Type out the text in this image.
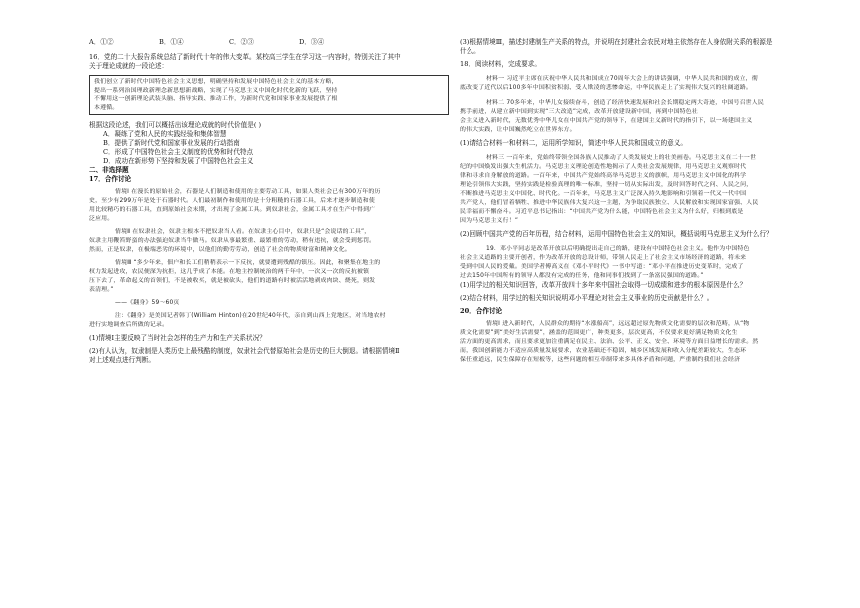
A．①②	B．①④	C．②③	D．③④
16．党的二十大报告系统总结了新时代十年的伟大变革。某校高三学生在学习这一内容时，特别关注了其中
关于理论成就的一段论述：
我们创立了新时代中国特色社会主义思想，明确坚持和发展中国特色社会主义的基本方略，
提出一系列治国理政新理念新思想新战略，实现了马克思主义中国化时代化新的飞跃，坚持
不懈用这一创新理论武装头脑、指导实践、推动工作，为新时代党和国家事业发展提供了根
本遵循。
根据这段论述，我们可以概括出该理论成就的时代价值是( )
A．凝练了党和人民的实践经验和集体智慧
B．提供了新时代党和国家事业发展的行动指南
C．形成了中国特色社会主义制度的优势和时代特点
D．成功在新形势下坚持和发展了中国特色社会主义
二、非选择题
17．合作讨论
情境Ⅰ 在漫长的原始社会，石器是人们制造和使用的主要劳动工具，如果人类社会已有300万年的历
史，至少有299万年是处于石器时代。人们最初制作和使用的是十分粗糙的石器工具，后来才逐步制造和使
用比较精巧的石器工具，直到原始社会末期，才出现了金属工具。到奴隶社会，金属工具才在生产中得到广
泛应用。
情境Ⅱ 在奴隶社会，奴隶主根本不把奴隶当人看。在奴隶主心目中，奴隶只是“会说话的工具”，
奴隶主用鞭笞野蛮的办法强迫奴隶当牛做马。奴隶从事最繁重、最繁重的劳动，稍有违抗，就会受到惩罚。
然而，正是奴隶，在极端恶劣的环境中，以他们的勤劳劳动，创造了社会的物质财富和精神文化。
情境Ⅲ “多少年来，佃户和长工们稍稍表示一下反抗，就要遭到残酷的镇压。因此，和聚集在地主的
权力发起进攻，农民便深为抗拒，这几乎成了本能。在地主控制统治的两千年中，一次又一次的反抗被镇
压下去了，革命起义的首领们，不是被收买，就是被砍头，他们的道路有时被活活地剥成肉块、烧死，则发
表清理。”
——《翻身》59～60页
注：《翻身》是美国记者韩丁(William Hinton)在20世纪40年代，亲自到山西上党地区，对当地农村
进行实地调查后所做的记录。
(1)情境Ⅰ主要反映了当时社会怎样的生产力和生产关系状况？
(2)有人认为，奴隶制是人类历史上最残酷的制度，奴隶社会代替原始社会是历史的巨大倒退。请根据情境Ⅱ
对上述观点进行判断。
(3)根据情境Ⅲ，描述封建制生产关系的特点，并说明在封建社会农民对地主依然存在人身依附关系的根源是
什么。
18．阅读材料，完成要求。
材料一 习近平主席在庆祝中华人民共和国成立70周年大会上的讲话强调，中华人民共和国的成立，彻
底改变了近代以后100多年中国积贫积弱、受人欺凌的悲惨命运，中华民族走上了实现伟大复兴的壮阔道路。
材料二 70多年来，中华儿女接续奋斗，创造了经济快速发展和社会长期稳定两大奇迹，中国号召世人民
携手前进，从建立新中国到实现“三大改造”完成，改革开放建设新中国，再到中国特色社
会主义进入新时代，无数优秀中华儿女在中国共产党的领导下，在建国主义新时代的指引下，以一场建国主义
的伟大实践，让中国巍然屹立在世界东方。
(1)请结合材料一和材料二，运用所学知识，简述中华人民共和国成立的意义。
材料三 一百年来，党始终带领全国各族人民推动了人类发展史上的壮美画卷。马克思主义在二十一世
纪的中国焕发出强大生机活力。马克思主义理论创造性地揭示了人类社会发展规律，用马克思主义观察时代
律和寻求自身解放的道路。一百年来，中国共产党始终高举马克思主义的旗帜，用马克思主义中国化的科学
理论引领伟大实践，坚持实践是检验真理的唯一标准，坚持一切从实际出发，及时回答时代之问、人民之问，
不断推进马克思主义中国化、时代化。一百年来，马克思主义广泛深入持久地影响和引领着一代又一代中国
共产党人，他们冒着牺牲、推进中华民族伟大复兴这一主题，为争取民族独立、人民解放和实现国家富强、人民
民幸福而不懈奋斗。习近平总书记指出：“中国共产党为什么能，中国特色社会主义为什么好，归根到底是
因为马克思主义行！”
(2)回顾中国共产党的百年历程，结合材料，运用中国特色社会主义的知识，概括说明马克思主义为什么行？
19．邓小平同志是改革开放以后明确提出走自己的路，建设有中国特色社会主义。他作为中国特色
社会主义道路的主要开创者，作为改革开放的总设计师，带领人民走上了社会主义市场经济的道路，将未来
受到中国人民的爱戴。美国学者傅高义在《邓小平时代》一书中写道：“邓小平在推进历史变革时，完成了
过去150年中国所有的领导人都没有完成的任务，他和同事们找到了一条富民强国的道路。”
(1)用学过的相关知识回答，改革开放四十多年来中国社会取得一切成绩和进步的根本原因是什么？
(2)结合材料，用学过的相关知识说明邓小平理论对社会主义事业的历史贡献是什么？。
20．合作讨论
情境Ⅰ 进入新时代，人民群众的期待“水涨船高”，远远超过原先物质文化需要的层次和范畴，从“物
质文化需要”到“美好生活需要”，涵盖的范围更广，种类更多，层次更高，不仅要求更好满足物质文化生
活方面的更高需求，而且要求更加注重满足在民主、法治、公平、正义、安全、环境等方面日益增长的需求。然
而，我国创新能力不适应高质量发展要求，农业基础还不稳固，城乡区域发展和收入分配差距较大，生态环
保任重道远，民生保障存在短板等，这些问题的相互牵制带来多具体矛盾和问题，严重制约我们社会经济
